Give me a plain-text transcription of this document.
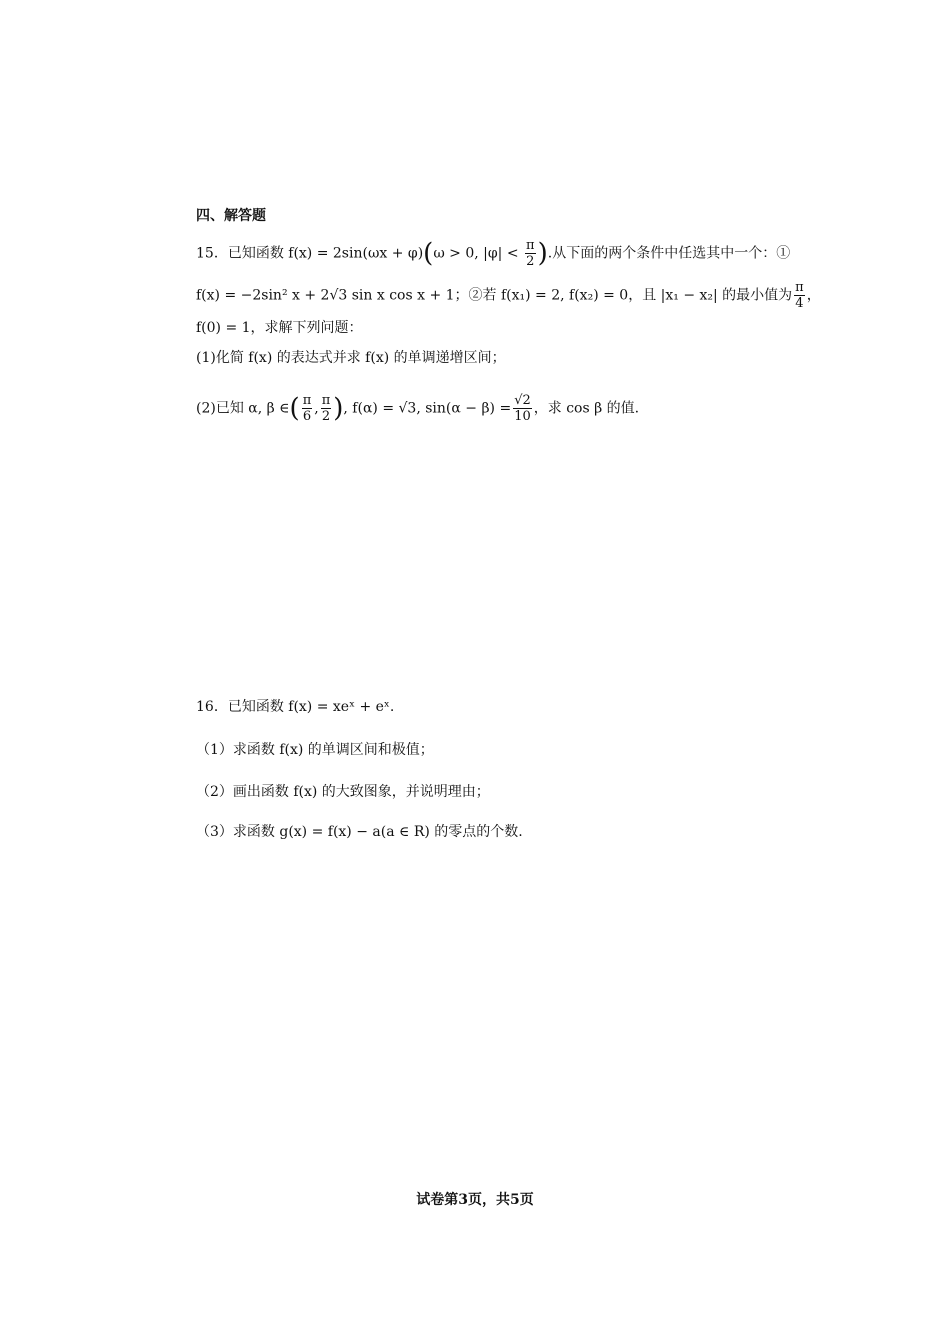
四、解答题
15．已知函数 f(x) = 2sin(ωx + φ)(ω > 0, $|\varphi| < \frac{\pi}{2}$ ).从下面的两个条件中任选其中一个：①
f(x) = −2sin² x + 2√3 sin x cos x + 1；②若 f(x₁) = 2, f(x₂) = 0，且 |x₁ − x₂| 的最小值为 $\frac{\pi}{4}$ ，
f(0) = 1，求解下列问题：
(1)化简 f(x) 的表达式并求 f(x) 的单调递增区间；
(2)已知 α, β ∈( $\frac{\pi}{6}$ , $\frac{\pi}{2}$ ), f(α) = √3, $\sin(\alpha - \beta) = \frac{√2}{10}$ ，求 cos β 的值.
16．已知函数 f(x) = xeˣ + eˣ.
（1）求函数 f(x) 的单调区间和极值；
（2）画出函数 f(x) 的大致图象，并说明理由；
（3）求函数 g(x) = f(x) − a(a ∈ R) 的零点的个数.
试卷第3页，共5页
